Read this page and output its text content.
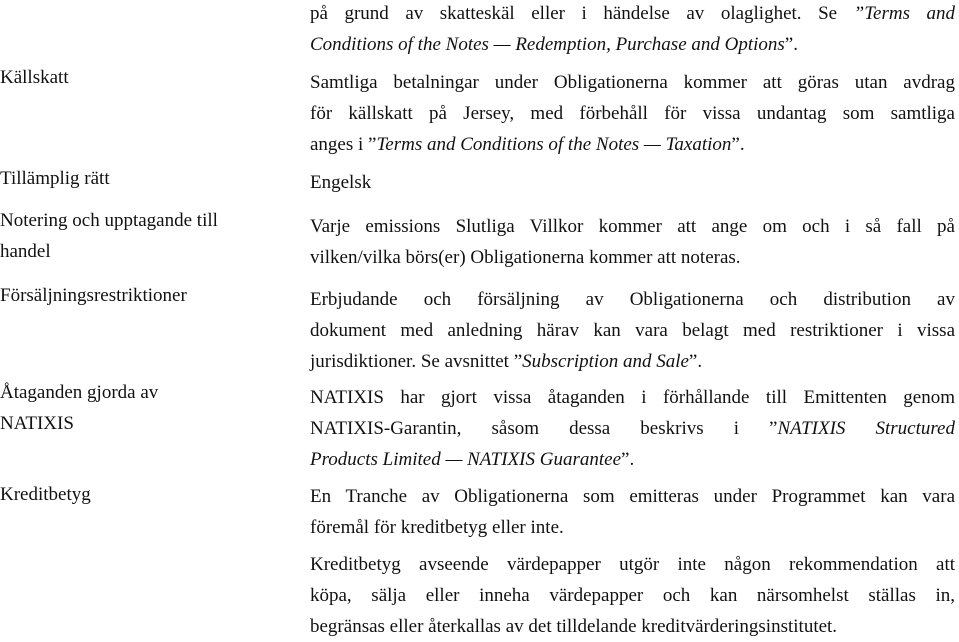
Källskatt
Tillämplig rätt
Notering och upptagande till
handel
Försäljningsrestriktioner
Åtaganden gjorda av
NATIXIS
Kreditbetyg
på grund av skatteskäl eller i händelse av olaglighet. Se ”Terms and
Conditions of the Notes — Redemption, Purchase and Options”.
Samtliga betalningar under Obligationerna kommer att göras utan avdrag
för källskatt på Jersey, med förbehåll för vissa undantag som samtliga
anges i ”Terms and Conditions of the Notes — Taxation”.
Engelsk
Varje emissions Slutliga Villkor kommer att ange om och i så fall på
vilken/vilka börs(er) Obligationerna kommer att noteras.
Erbjudande och försäljning av Obligationerna och distribution av
dokument med anledning härav kan vara belagt med restriktioner i vissa
jurisdiktioner. Se avsnittet ”Subscription and Sale”.
NATIXIS har gjort vissa åtaganden i förhållande till Emittenten genom
NATIXIS-Garantin, såsom dessa beskrivs i ”NATIXIS Structured
Products Limited — NATIXIS Guarantee”.
En Tranche av Obligationerna som emitteras under Programmet kan vara
föremål för kreditbetyg eller inte.
Kreditbetyg avseende värdepapper utgör inte någon rekommendation att
köpa, sälja eller inneha värdepapper och kan närsomhelst ställas in,
begränsas eller återkallas av det tilldelande kreditvärderingsinstitutet.
